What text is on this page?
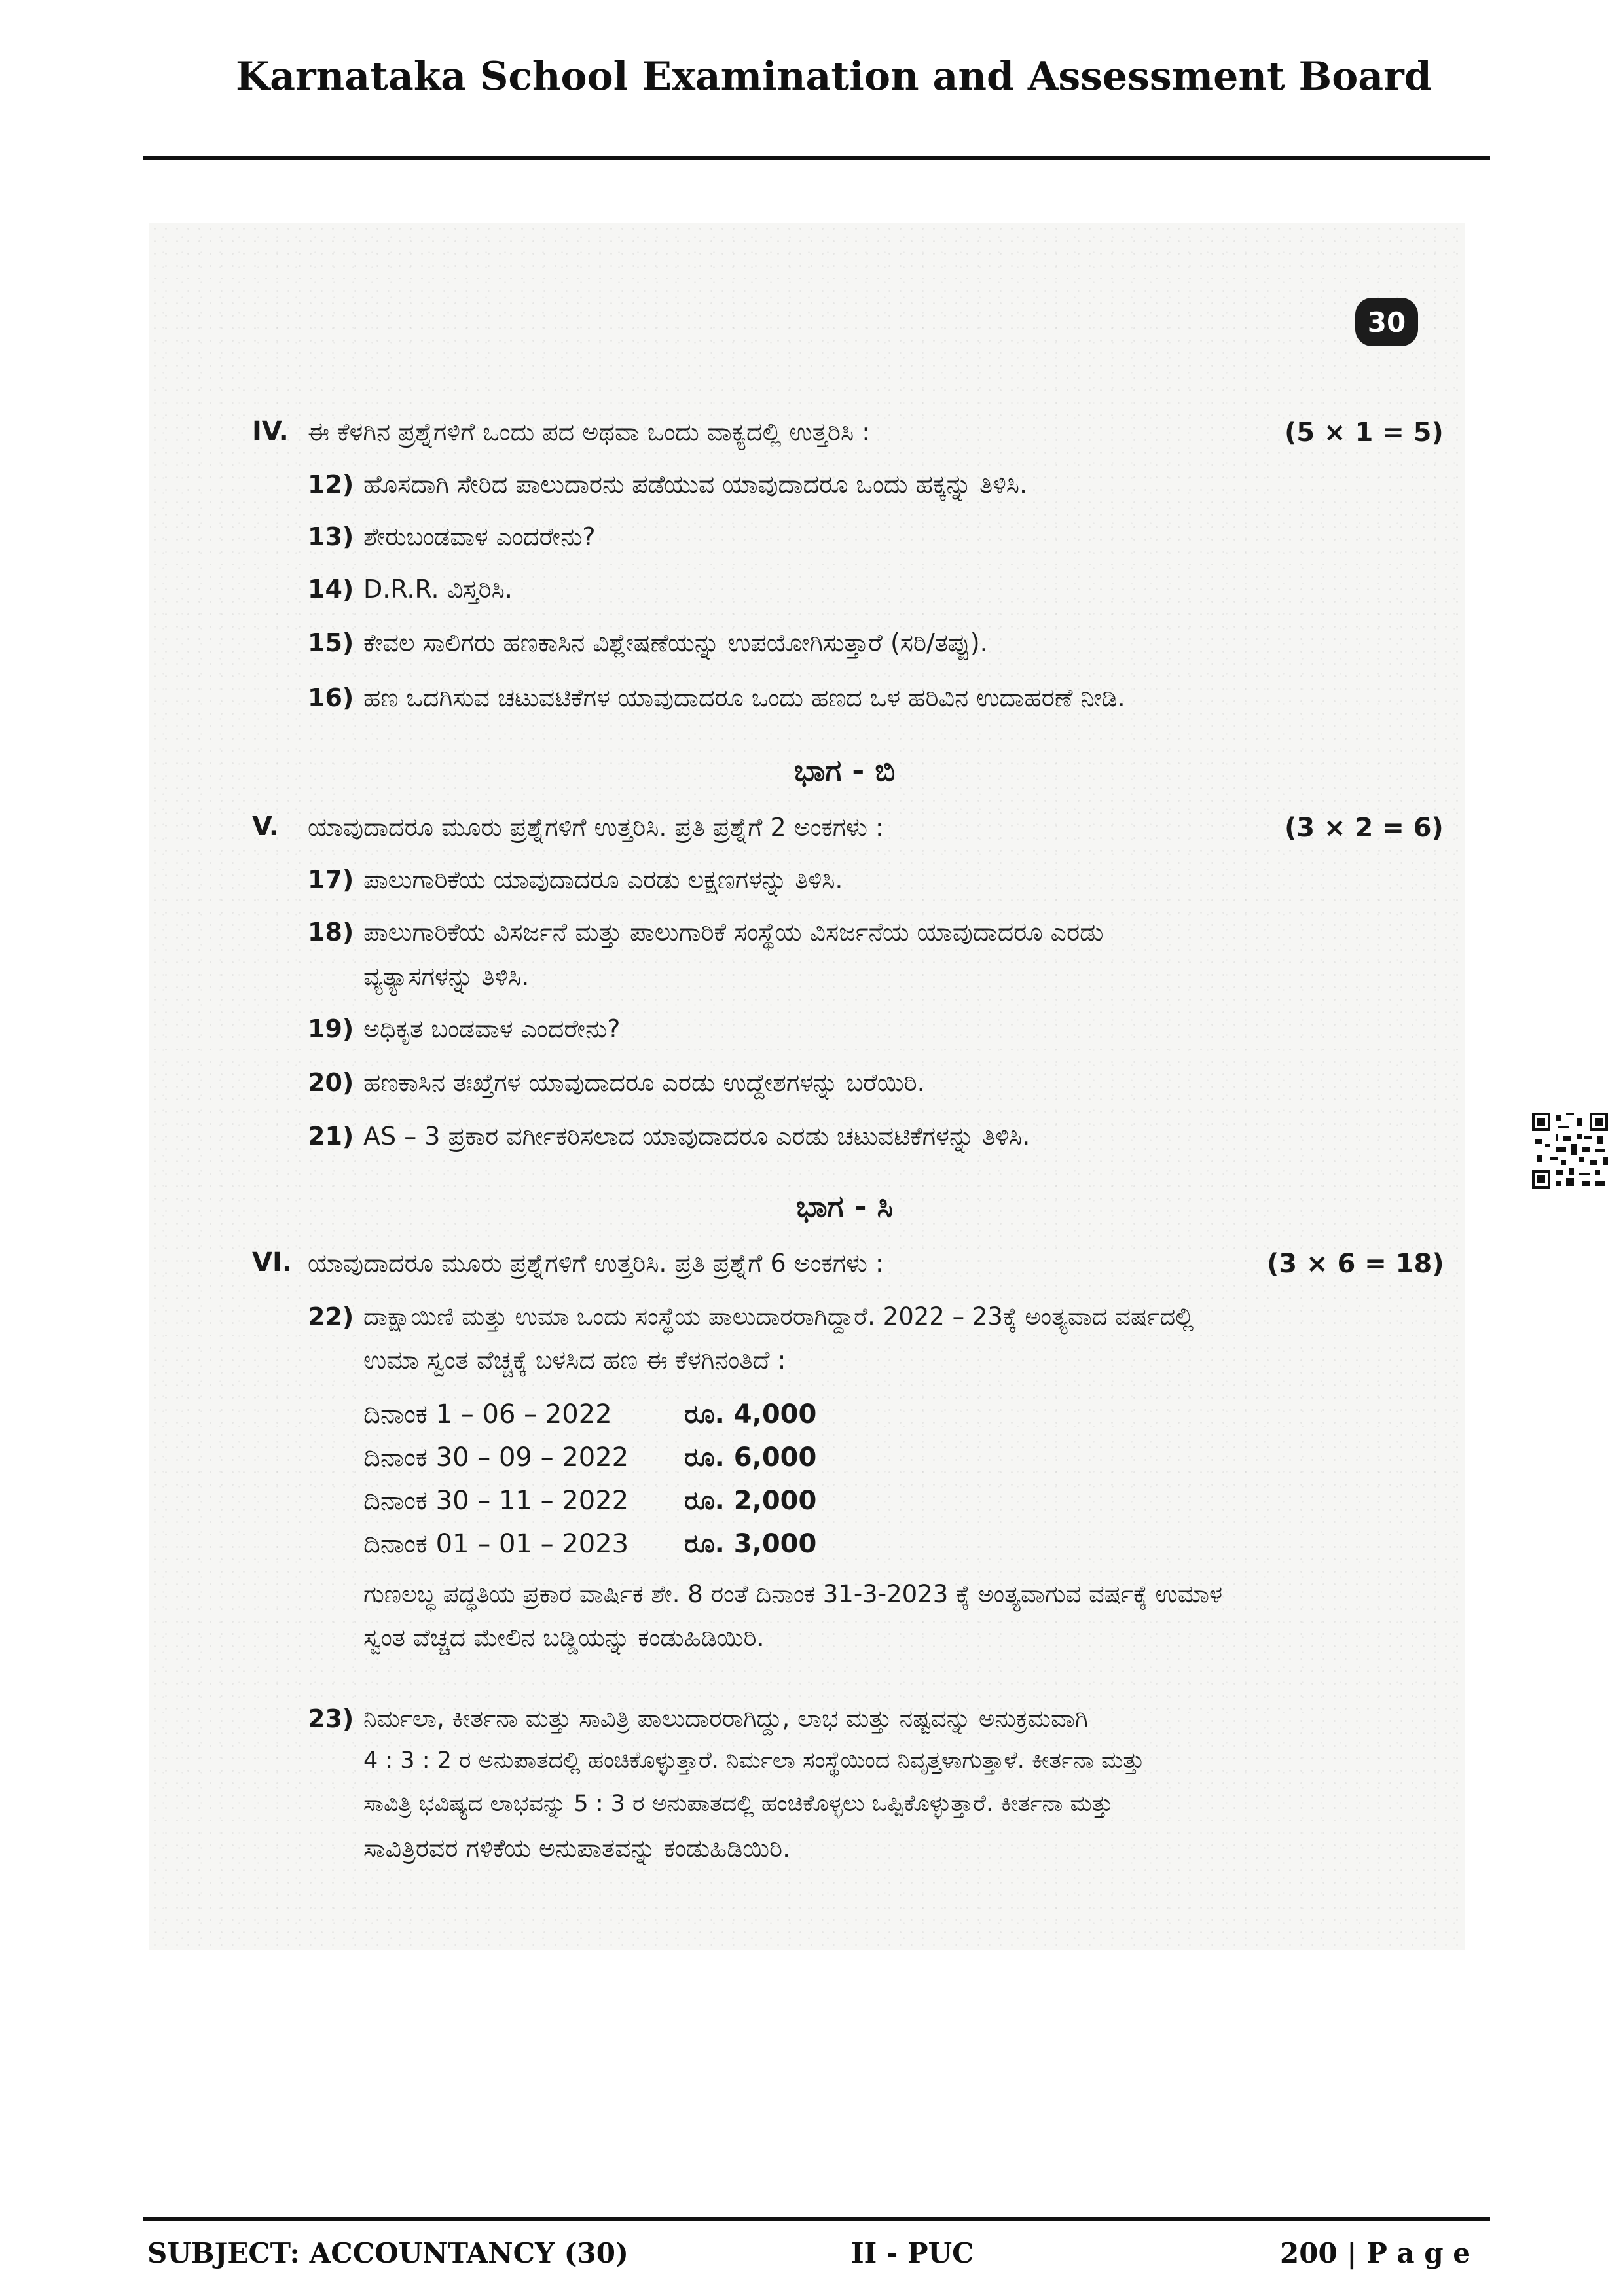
Karnataka School Examination and Assessment Board
30
IV. ಈ ಕೆಳಗಿನ ಪ್ರಶ್ನೆಗಳಿಗೆ ಒಂದು ಪದ ಅಥವಾ ಒಂದು ವಾಕ್ಯದಲ್ಲಿ ಉತ್ತರಿಸಿ :	(5 × 1 = 5)
12) ಹೊಸದಾಗಿ ಸೇರಿದ ಪಾಲುದಾರನು ಪಡೆಯುವ ಯಾವುದಾದರೂ ಒಂದು ಹಕ್ಕನ್ನು ತಿಳಿಸಿ.
13) ಶೇರುಬಂಡವಾಳ ಎಂದರೇನು?
14) D.R.R. ವಿಸ್ತರಿಸಿ.
15) ಕೇವಲ ಸಾಲಿಗರು ಹಣಕಾಸಿನ ವಿಶ್ಲೇಷಣೆಯನ್ನು ಉಪಯೋಗಿಸುತ್ತಾರೆ (ಸರಿ/ತಪ್ಪು).
16) ಹಣ ಒದಗಿಸುವ ಚಟುವಟಿಕೆಗಳ ಯಾವುದಾದರೂ ಒಂದು ಹಣದ ಒಳ ಹರಿವಿನ ಉದಾಹರಣೆ ನೀಡಿ.
ಭಾಗ - ಬಿ
V. ಯಾವುದಾದರೂ ಮೂರು ಪ್ರಶ್ನೆಗಳಿಗೆ ಉತ್ತರಿಸಿ. ಪ್ರತಿ ಪ್ರಶ್ನೆಗೆ 2 ಅಂಕಗಳು :	(3 × 2 = 6)
17) ಪಾಲುಗಾರಿಕೆಯ ಯಾವುದಾದರೂ ಎರಡು ಲಕ್ಷಣಗಳನ್ನು ತಿಳಿಸಿ.
18) ಪಾಲುಗಾರಿಕೆಯ ವಿಸರ್ಜನೆ ಮತ್ತು ಪಾಲುಗಾರಿಕೆ ಸಂಸ್ಥೆಯ ವಿಸರ್ಜನೆಯ ಯಾವುದಾದರೂ ಎರಡು
ವ್ಯತ್ಯಾಸಗಳನ್ನು ತಿಳಿಸಿ.
19) ಅಧಿಕೃತ ಬಂಡವಾಳ ಎಂದರೇನು?
20) ಹಣಕಾಸಿನ ತಃಖ್ತೆಗಳ ಯಾವುದಾದರೂ ಎರಡು ಉದ್ದೇಶಗಳನ್ನು ಬರೆಯಿರಿ.
21) AS – 3 ಪ್ರಕಾರ ವರ್ಗೀಕರಿಸಲಾದ ಯಾವುದಾದರೂ ಎರಡು ಚಟುವಟಿಕೆಗಳನ್ನು ತಿಳಿಸಿ.
ಭಾಗ - ಸಿ
VI. ಯಾವುದಾದರೂ ಮೂರು ಪ್ರಶ್ನೆಗಳಿಗೆ ಉತ್ತರಿಸಿ. ಪ್ರತಿ ಪ್ರಶ್ನೆಗೆ 6 ಅಂಕಗಳು :	(3 × 6 = 18)
22) ದಾಕ್ಷಾಯಿಣಿ ಮತ್ತು ಉಮಾ ಒಂದು ಸಂಸ್ಥೆಯ ಪಾಲುದಾರರಾಗಿದ್ದಾರೆ. 2022 – 23ಕ್ಕೆ ಅಂತ್ಯವಾದ ವರ್ಷದಲ್ಲಿ
ಉಮಾ ಸ್ವಂತ ವೆಚ್ಚಕ್ಕೆ ಬಳಸಿದ ಹಣ ಈ ಕೆಳಗಿನಂತಿದೆ :
ದಿನಾಂಕ 1 – 06 – 2022	ರೂ. 4,000
ದಿನಾಂಕ 30 – 09 – 2022 ರೂ. 6,000
ದಿನಾಂಕ 30 – 11 – 2022 ರೂ. 2,000
ದಿನಾಂಕ 01 – 01 – 2023 ರೂ. 3,000
ಗುಣಲಬ್ಧ ಪದ್ಧತಿಯ ಪ್ರಕಾರ ವಾರ್ಷಿಕ ಶೇ. 8 ರಂತೆ ದಿನಾಂಕ 31-3-2023 ಕ್ಕೆ ಅಂತ್ಯವಾಗುವ ವರ್ಷಕ್ಕೆ ಉಮಾಳ
ಸ್ವಂತ ವೆಚ್ಚದ ಮೇಲಿನ ಬಡ್ಡಿಯನ್ನು ಕಂಡುಹಿಡಿಯಿರಿ.
23) ನಿರ್ಮಲಾ, ಕೀರ್ತನಾ ಮತ್ತು ಸಾವಿತ್ರಿ ಪಾಲುದಾರರಾಗಿದ್ದು, ಲಾಭ ಮತ್ತು ನಷ್ಟವನ್ನು ಅನುಕ್ರಮವಾಗಿ
4 : 3 : 2 ರ ಅನುಪಾತದಲ್ಲಿ ಹಂಚಿಕೊಳ್ಳುತ್ತಾರೆ. ನಿರ್ಮಲಾ ಸಂಸ್ಥೆಯಿಂದ ನಿವೃತ್ತಳಾಗುತ್ತಾಳೆ. ಕೀರ್ತನಾ ಮತ್ತು
ಸಾವಿತ್ರಿ ಭವಿಷ್ಯದ ಲಾಭವನ್ನು 5 : 3 ರ ಅನುಪಾತದಲ್ಲಿ ಹಂಚಿಕೊಳ್ಳಲು ಒಪ್ಪಿಕೊಳ್ಳುತ್ತಾರೆ. ಕೀರ್ತನಾ ಮತ್ತು
ಸಾವಿತ್ರಿರವರ ಗಳಿಕೆಯ ಅನುಪಾತವನ್ನು ಕಂಡುಹಿಡಿಯಿರಿ.
SUBJECT: ACCOUNTANCY (30)	II - PUC	200 | P a g e
